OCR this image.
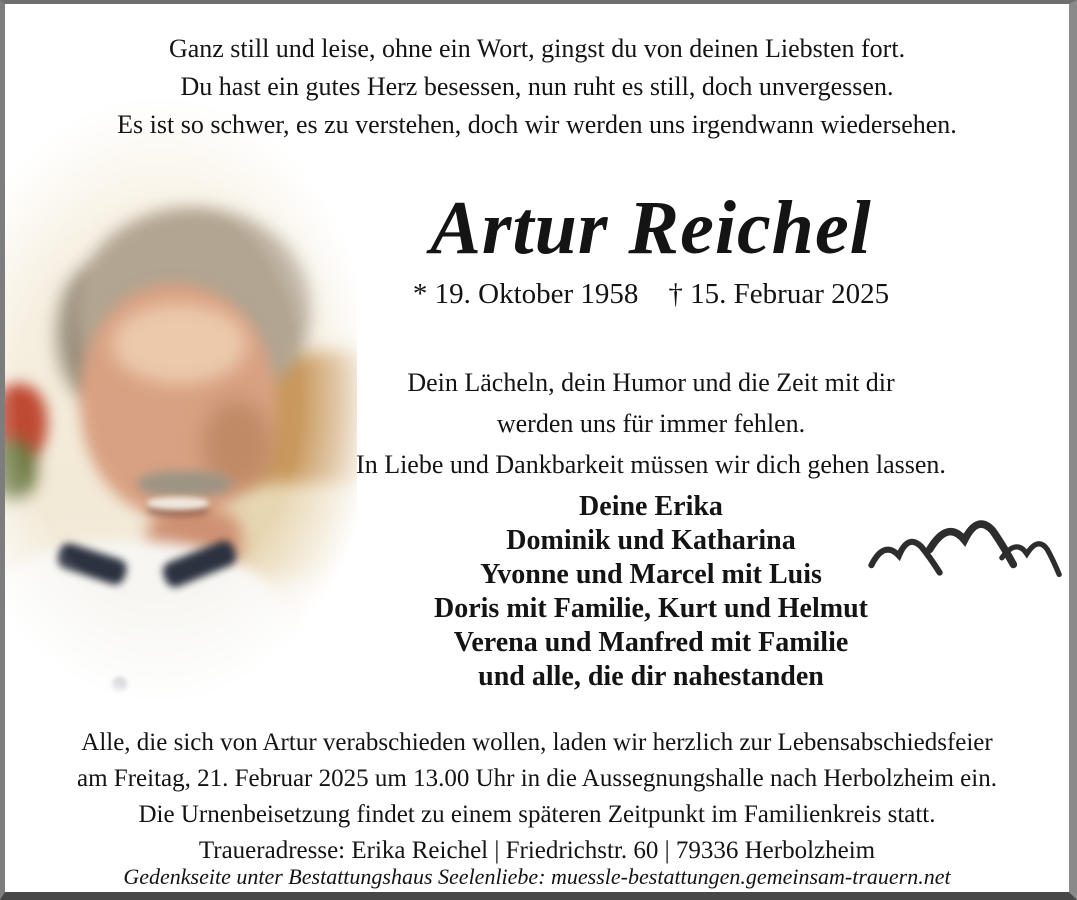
Ganz still und leise, ohne ein Wort, gingst du von deinen Liebsten fort.
Du hast ein gutes Herz besessen, nun ruht es still, doch unvergessen.
Es ist so schwer, es zu verstehen, doch wir werden uns irgendwann wiedersehen.
Artur Reichel
* 19. Oktober 1958 † 15. Februar 2025
Dein Lächeln, dein Humor und die Zeit mit dir
werden uns für immer fehlen.
In Liebe und Dankbarkeit müssen wir dich gehen lassen.
Deine Erika
Dominik und Katharina
Yvonne und Marcel mit Luis
Doris mit Familie, Kurt und Helmut
Verena und Manfred mit Familie
und alle, die dir nahestanden
Alle, die sich von Artur verabschieden wollen, laden wir herzlich zur Lebensabschiedsfeier
am Freitag, 21. Februar 2025 um 13.00 Uhr in die Aussegnungshalle nach Herbolzheim ein.
Die Urnenbeisetzung findet zu einem späteren Zeitpunkt im Familienkreis statt.
Traueradresse: Erika Reichel | Friedrichstr. 60 | 79336 Herbolzheim
Gedenkseite unter Bestattungshaus Seelenliebe: muessle-bestattungen.gemeinsam-trauern.net
